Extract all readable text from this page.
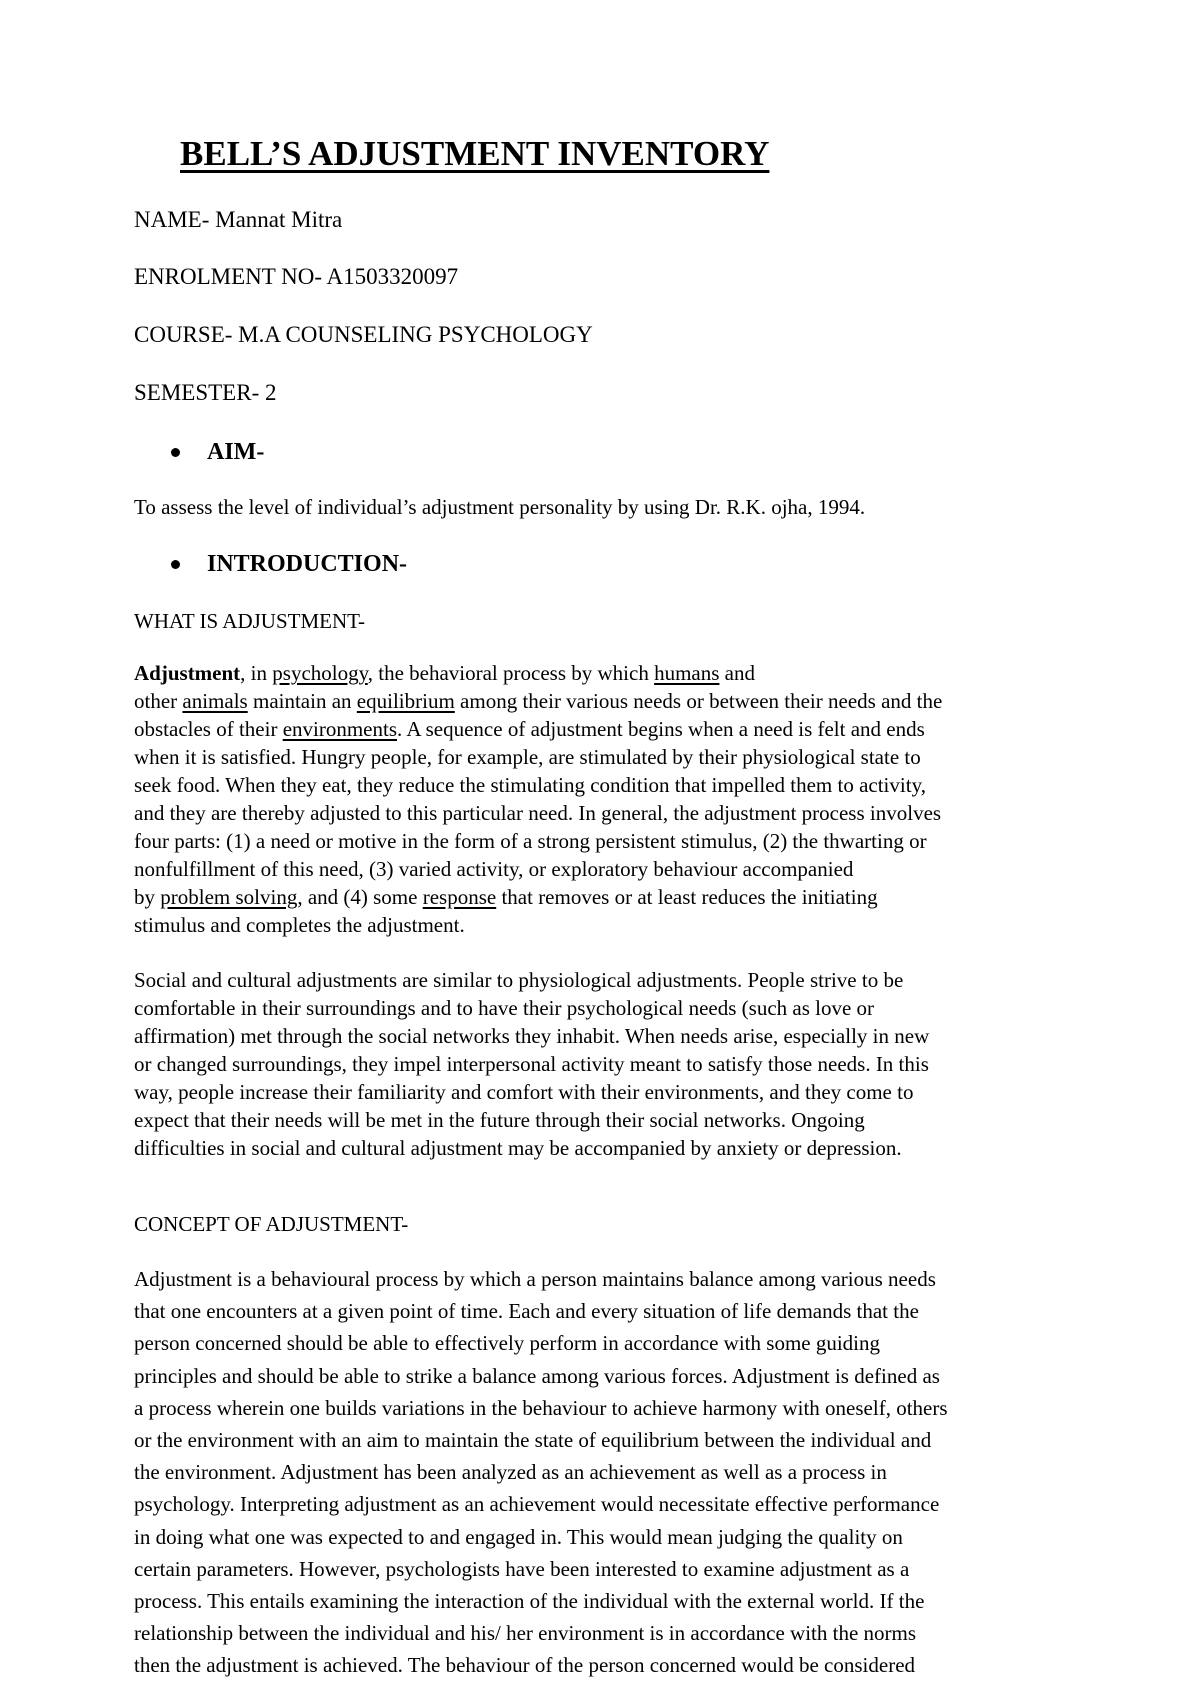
BELL’S ADJUSTMENT INVENTORY
NAME- Mannat Mitra
ENROLMENT NO- A1503320097
COURSE- M.A COUNSELING PSYCHOLOGY
SEMESTER- 2
AIM-
To assess the level of individual’s adjustment personality by using Dr. R.K. ojha, 1994.
INTRODUCTION-
WHAT IS ADJUSTMENT-
Adjustment, in psychology, the behavioral process by which humans and
other animals maintain an equilibrium among their various needs or between their needs and the
obstacles of their environments. A sequence of adjustment begins when a need is felt and ends
when it is satisfied. Hungry people, for example, are stimulated by their physiological state to
seek food. When they eat, they reduce the stimulating condition that impelled them to activity,
and they are thereby adjusted to this particular need. In general, the adjustment process involves
four parts: (1) a need or motive in the form of a strong persistent stimulus, (2) the thwarting or
nonfulfillment of this need, (3) varied activity, or exploratory behaviour accompanied
by problem solving, and (4) some response that removes or at least reduces the initiating
stimulus and completes the adjustment.
Social and cultural adjustments are similar to physiological adjustments. People strive to be
comfortable in their surroundings and to have their psychological needs (such as love or
affirmation) met through the social networks they inhabit. When needs arise, especially in new
or changed surroundings, they impel interpersonal activity meant to satisfy those needs. In this
way, people increase their familiarity and comfort with their environments, and they come to
expect that their needs will be met in the future through their social networks. Ongoing
difficulties in social and cultural adjustment may be accompanied by anxiety or depression.
CONCEPT OF ADJUSTMENT-
Adjustment is a behavioural process by which a person maintains balance among various needs
that one encounters at a given point of time. Each and every situation of life demands that the
person concerned should be able to effectively perform in accordance with some guiding
principles and should be able to strike a balance among various forces. Adjustment is defined as
a process wherein one builds variations in the behaviour to achieve harmony with oneself, others
or the environment with an aim to maintain the state of equilibrium between the individual and
the environment. Adjustment has been analyzed as an achievement as well as a process in
psychology. Interpreting adjustment as an achievement would necessitate effective performance
in doing what one was expected to and engaged in. This would mean judging the quality on
certain parameters. However, psychologists have been interested to examine adjustment as a
process. This entails examining the interaction of the individual with the external world. If the
relationship between the individual and his/ her environment is in accordance with the norms
then the adjustment is achieved. The behaviour of the person concerned would be considered
